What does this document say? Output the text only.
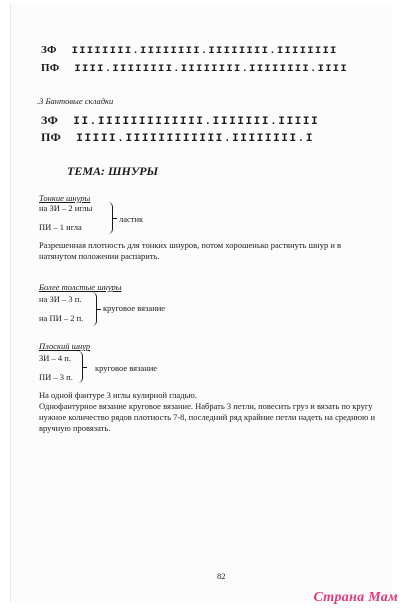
ЗФ IIIIIIII.IIIIIIII.IIIIIIII.IIIIIIII
ПФ IIII.IIIIIIII.IIIIIIII.IIIIIIII.IIII
.3 Бантовые складки
ЗФ II.IIIIIIIIIIIII.IIIIIII.IIIII
ПФ IIIII.IIIIIIIIIIII.IIIIIIII.I
ТЕМА: ШНУРЫ
Тонкие шнуры
на ЗИ – 2 иглы
ластик
ПИ – 1 игла
Разрешенная плотность для тонких шнуров, потом хорошенько растянуть шнур и в натянутом положении распарить.
Более толстые шнуры
на ЗИ – 3 п.
круговое вязание
на ПИ – 2 п.
Плоский шнур
ЗИ – 4 п.
круговое вязание
ПИ – 3 п.
На одной фантуре 3 иглы кулирной гладью.
Однофантурное вязание круговое вязание. Набрать 3 петли, повесить груз и вязать по кругу нужное количество рядов плотность 7-8, последний ряд крайние петли надеть на среднюю и вручную провязать.
82
Страна Мам
